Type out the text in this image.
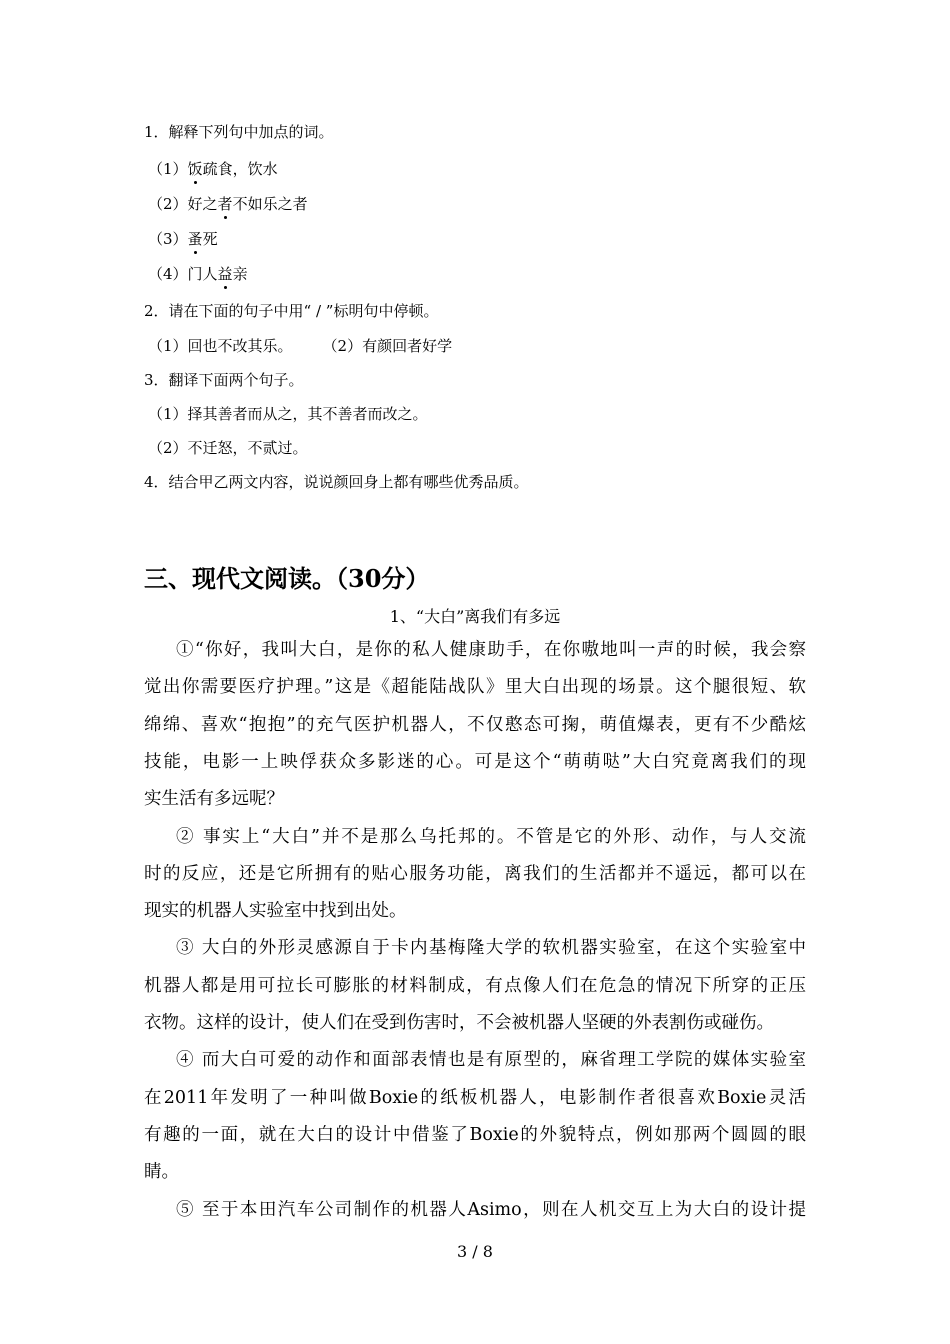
1．解释下列句中加点的词。
（1）饭疏食，饮水
（2）好之者不如乐之者
（3）蚤死
（4）门人益亲
2．请在下面的句子中用“ / ”标明句中停顿。
（1）回也不改其乐。　　　（2）有颜回者好学
3．翻译下面两个句子。
（1）择其善者而从之，其不善者而改之。
（2）不迁怒，不贰过。
4．结合甲乙两文内容，说说颜回身上都有哪些优秀品质。
三、现代文阅读。（30分）
1、“大白”离我们有多远
①“你好，我叫大白，是你的私人健康助手，在你嗷地叫一声的时候，我会察
觉出你需要医疗护理。”这是《超能陆战队》里大白出现的场景。这个腿很短、软
绵绵、喜欢“抱抱”的充气医护机器人，不仅憨态可掬，萌值爆表，更有不少酷炫
技能，电影一上映俘获众多影迷的心。可是这个“萌萌哒”大白究竟离我们的现
实生活有多远呢？
② 事实上“大白”并不是那么乌托邦的。不管是它的外形、动作，与人交流
时的反应，还是它所拥有的贴心服务功能，离我们的生活都并不遥远，都可以在
现实的机器人实验室中找到出处。
③ 大白的外形灵感源自于卡内基梅隆大学的软机器实验室，在这个实验室中
机器人都是用可拉长可膨胀的材料制成，有点像人们在危急的情况下所穿的正压
衣物。这样的设计，使人们在受到伤害时，不会被机器人坚硬的外表割伤或碰伤。
④ 而大白可爱的动作和面部表情也是有原型的，麻省理工学院的媒体实验室
在2011年发明了一种叫做Boxie的纸板机器人，电影制作者很喜欢Boxie灵活
有趣的一面，就在大白的设计中借鉴了Boxie的外貌特点，例如那两个圆圆的眼
睛。
⑤ 至于本田汽车公司制作的机器人Asimo，则在人机交互上为大白的设计提
3 / 8
